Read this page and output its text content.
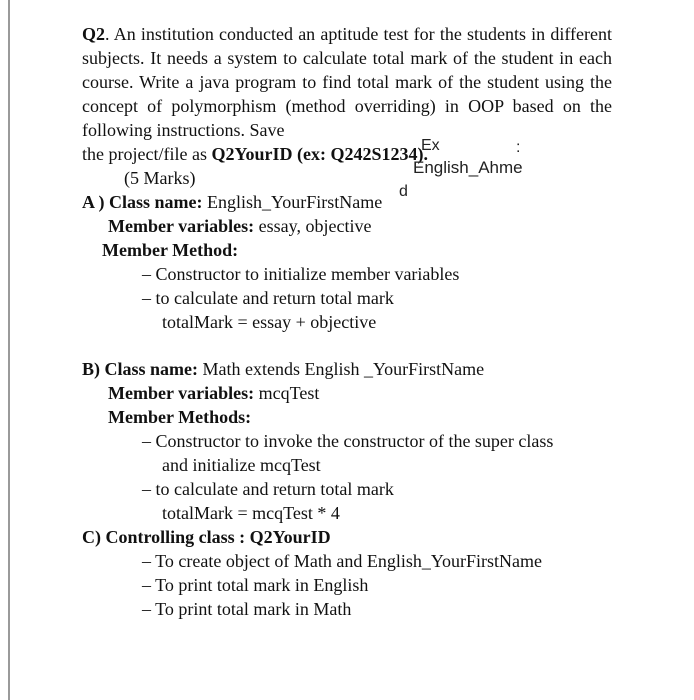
Q2. An institution conducted an aptitude test for the students in different subjects. It needs a system to calculate total mark of the student in each course. Write a java program to find total mark of the student using the concept of polymorphism (method overriding) in OOP based on the following instructions. Save

the project/file as Q2YourID (ex: Q242S1234).
(5 Marks)
A ) Class name: English_YourFirstName
Member variables: essay, objective
Member Method:
– Constructor to initialize member variables
– to calculate and return total mark
totalMark = essay + objective
B) Class name: Math extends English _YourFirstName
Member variables: mcqTest
Member Methods:
– Constructor to invoke the constructor of the super class
and initialize mcqTest
– to calculate and return total mark
totalMark = mcqTest * 4
C) Controlling class : Q2YourID
– To create object of Math and English_YourFirstName
– To print total mark in English
– To print total mark in Math
Ex	:
English_Ahme
d
